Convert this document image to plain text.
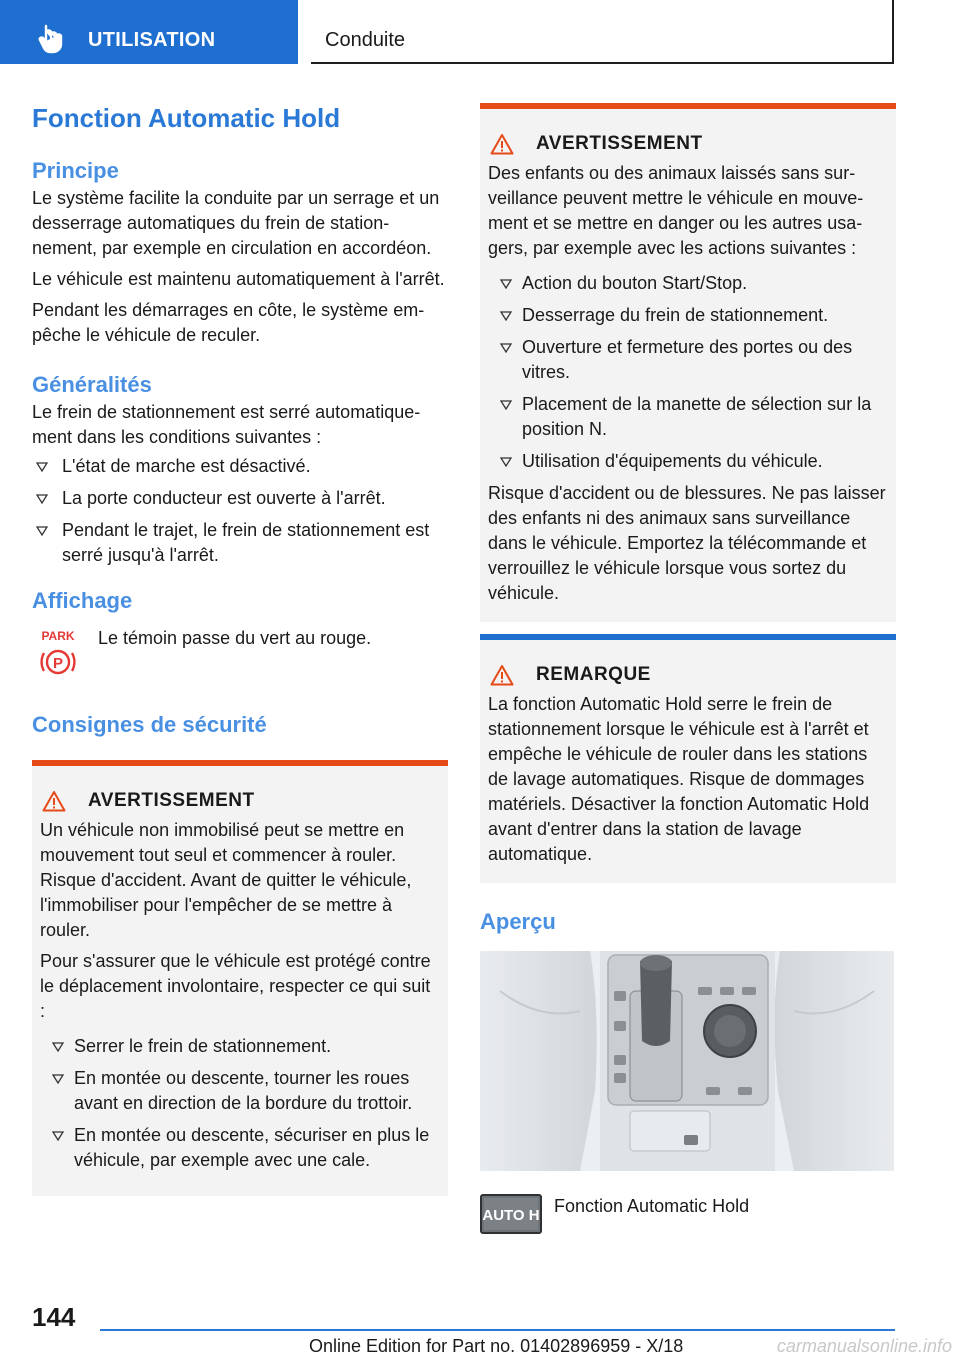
UTILISATION	Conduite
Fonction Automatic Hold
Principe

Le système facilite la conduite par un serrage et un desserrage automatiques du frein de stationnement, par exemple en circulation en accordéon.

Le véhicule est maintenu automatiquement à l'arrêt.

Pendant les démarrages en côte, le système empêche le véhicule de reculer.

Généralités

Le frein de stationnement est serré automatiquement dans les conditions suivantes :

L'état de marche est désactivé.
La porte conducteur est ouverte à l'arrêt.
Pendant le trajet, le frein de stationnement est serré jusqu'à l'arrêt.
Affichage
PARK
P

Le témoin passe du vert au rouge.

Consignes de sécurité
AVERTISSEMENT

Un véhicule non immobilisé peut se mettre en mouvement tout seul et commencer à rouler. Risque d'accident. Avant de quitter le véhicule, l'immobiliser pour l'empêcher de se mettre à rouler.

Pour s'assurer que le véhicule est protégé contre le déplacement involontaire, respecter ce qui suit :

Serrer le frein de stationnement.
En montée ou descente, tourner les roues avant en direction de la bordure du trottoir.
En montée ou descente, sécuriser en plus le véhicule, par exemple avec une cale.
AVERTISSEMENT

Des enfants ou des animaux laissés sans surveillance peuvent mettre le véhicule en mouvement et se mettre en danger ou les autres usagers, par exemple avec les actions suivantes :

Action du bouton Start/Stop.
Desserrage du frein de stationnement.
Ouverture et fermeture des portes ou des vitres.
Placement de la manette de sélection sur la position N.
Utilisation d'équipements du véhicule.

Risque d'accident ou de blessures. Ne pas laisser des enfants ni des animaux sans surveillance dans le véhicule. Emportez la télécommande et verrouillez le véhicule lorsque vous sortez du véhicule.

REMARQUE

La fonction Automatic Hold serre le frein de stationnement lorsque le véhicule est à l'arrêt et empêche le véhicule de rouler dans les stations de lavage automatiques. Risque de dommages matériels. Désactiver la fonction Automatic Hold avant d'entrer dans la station de lavage automatique.

Aperçu
AUTO H Fonction Automatic Hold

144
Online Edition for Part no. 01402896959 - X/18	carmanualsonline.info
